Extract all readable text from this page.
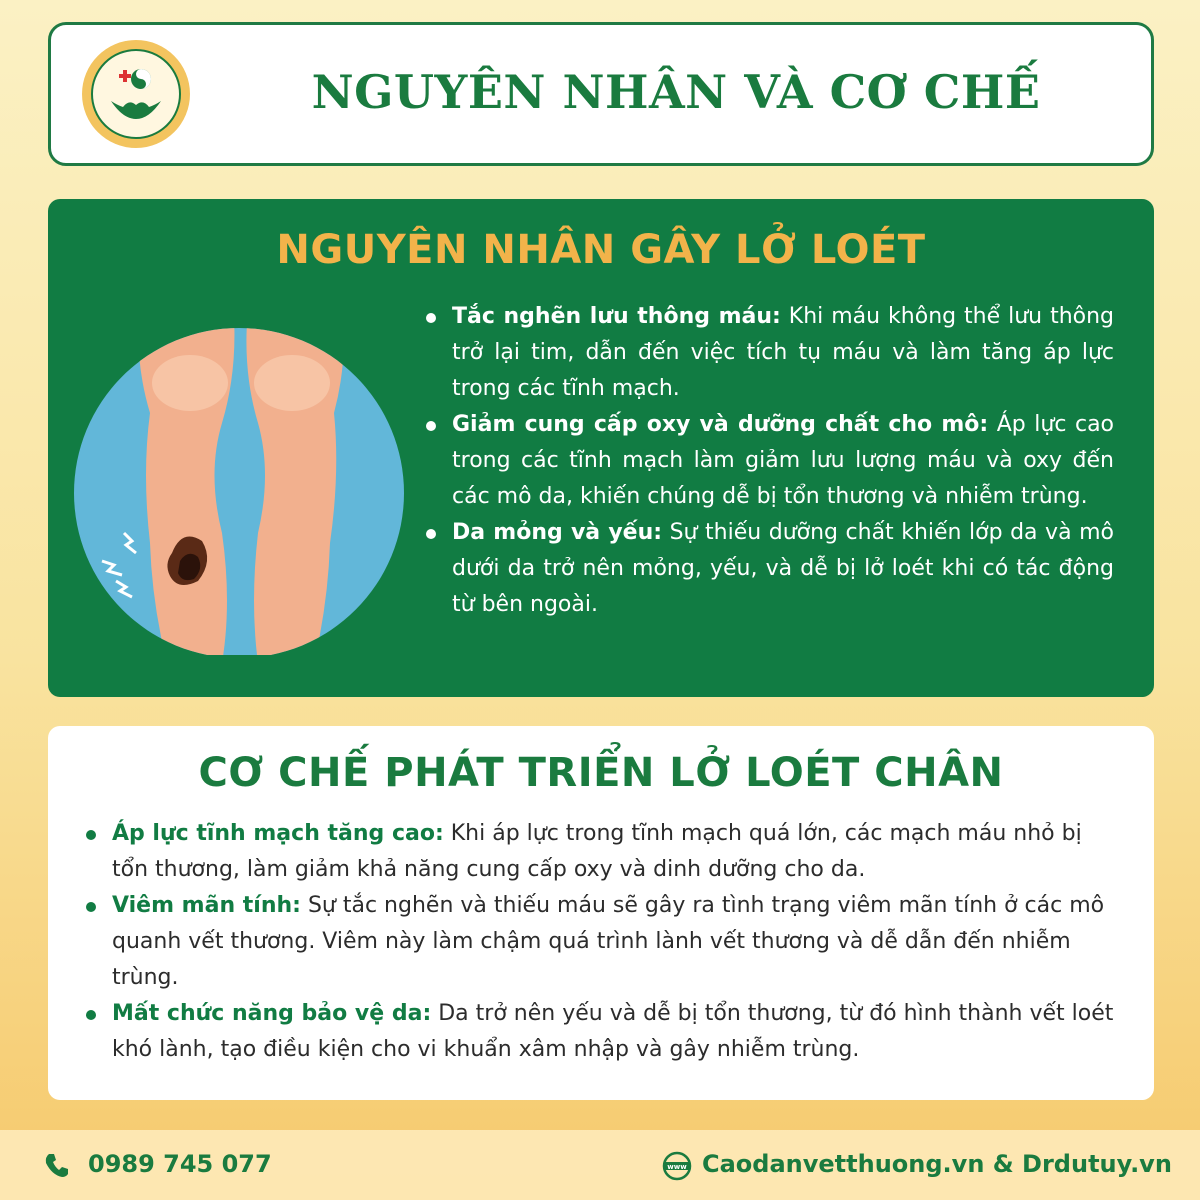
NGUYÊN NHÂN VÀ CƠ CHẾ
NGUYÊN NHÂN GÂY LỞ LOÉT
Tắc nghẽn lưu thông máu: Khi máu không thể lưu thông trở lại tim, dẫn đến việc tích tụ máu và làm tăng áp lực trong các tĩnh mạch.
Giảm cung cấp oxy và dưỡng chất cho mô: Áp lực cao trong các tĩnh mạch làm giảm lưu lượng máu và oxy đến các mô da, khiến chúng dễ bị tổn thương và nhiễm trùng.
Da mỏng và yếu: Sự thiếu dưỡng chất khiến lớp da và mô dưới da trở nên mỏng, yếu, và dễ bị lở loét khi có tác động từ bên ngoài.
CƠ CHẾ PHÁT TRIỂN LỞ LOÉT CHÂN
Áp lực tĩnh mạch tăng cao: Khi áp lực trong tĩnh mạch quá lớn, các mạch máu nhỏ bị tổn thương, làm giảm khả năng cung cấp oxy và dinh dưỡng cho da.
Viêm mãn tính: Sự tắc nghẽn và thiếu máu sẽ gây ra tình trạng viêm mãn tính ở các mô quanh vết thương. Viêm này làm chậm quá trình lành vết thương và dễ dẫn đến nhiễm trùng.
Mất chức năng bảo vệ da: Da trở nên yếu và dễ bị tổn thương, từ đó hình thành vết loét khó lành, tạo điều kiện cho vi khuẩn xâm nhập và gây nhiễm trùng.
0989 745 077	www Caodanvetthuong.vn & Drdutuy.vn
